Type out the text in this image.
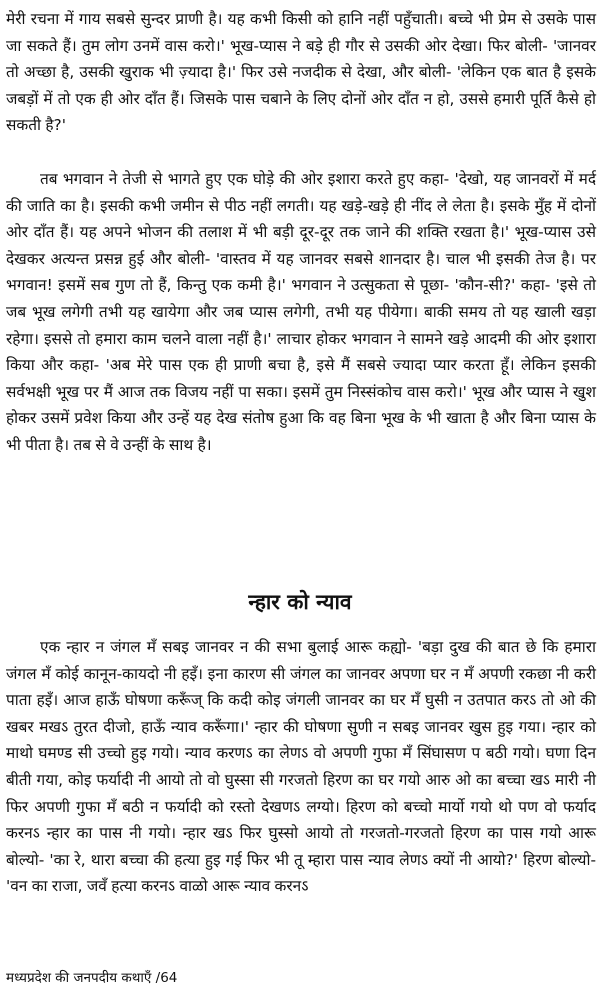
मेरी रचना में गाय सबसे सुन्दर प्राणी है। यह कभी किसी को हानि नहीं पहुँचाती। बच्चे भी प्रेम से उसके पास जा सकते हैं। तुम लोग उनमें वास करो।' भूख-प्यास ने बड़े ही गौर से उसकी ओर देखा। फिर बोली- 'जानवर तो अच्छा है, उसकी खुराक भी ज़्यादा है।' फिर उसे नजदीक से देखा, और बोली- 'लेकिन एक बात है इसके जबड़ों में तो एक ही ओर दाँत हैं। जिसके पास चबाने के लिए दोनों ओर दाँत न हो, उससे हमारी पूर्ति कैसे हो सकती है?'

तब भगवान ने तेजी से भागते हुए एक घोड़े की ओर इशारा करते हुए कहा- 'देखो, यह जानवरों में मर्द की जाति का है। इसकी कभी जमीन से पीठ नहीं लगती। यह खड़े-खड़े ही नींद ले लेता है। इसके मुँह में दोनों ओर दाँत हैं। यह अपने भोजन की तलाश में भी बड़ी दूर-दूर तक जाने की शक्ति रखता है।' भूख-प्यास उसे देखकर अत्यन्त प्रसन्न हुई और बोली- 'वास्तव में यह जानवर सबसे शानदार है। चाल भी इसकी तेज है। पर भगवान! इसमें सब गुण तो हैं, किन्तु एक कमी है।' भगवान ने उत्सुकता से पूछा- 'कौन-सी?' कहा- 'इसे तो जब भूख लगेगी तभी यह खायेगा और जब प्यास लगेगी, तभी यह पीयेगा। बाकी समय तो यह खाली खड़ा रहेगा। इससे तो हमारा काम चलने वाला नहीं है।' लाचार होकर भगवान ने सामने खड़े आदमी की ओर इशारा किया और कहा- 'अब मेरे पास एक ही प्राणी बचा है, इसे मैं सबसे ज्यादा प्यार करता हूँ। लेकिन इसकी सर्वभक्षी भूख पर मैं आज तक विजय नहीं पा सका। इसमें तुम निस्संकोच वास करो।' भूख और प्यास ने खुश होकर उसमें प्रवेश किया और उन्हें यह देख संतोष हुआ कि वह बिना भूख के भी खाता है और बिना प्यास के भी पीता है। तब से वे उन्हीं के साथ है।

न्हार को न्याव

एक न्हार न जंगल मँ सबइ जानवर न की सभा बुलाई आरू कह्यो- 'बड़ा दुख की बात छे कि हमारा जंगल मँ कोई कानून-कायदो नी हइँ। इना कारण सी जंगल का जानवर अपणा घर न मँ अपणी रकछा नी करी पाता हइँ। आज हाऊँ घोषणा करूँज् कि कदी कोइ जंगली जानवर का घर मँ घुसी न उतपात करऽ तो ओ की खबर मखऽ तुरत दीजो, हाऊँ न्याव करूँगा।' न्हार की घोषणा सुणी न सबइ जानवर खुस हुइ गया। न्हार को माथो घमण्ड सी उच्चो हुइ गयो। न्याव करणऽ का लेणऽ वो अपणी गुफा मँ सिंघासण प बठी गयो। घणा दिन बीती गया, कोइ फर्यादी नी आयो तो वो घुस्सा सी गरजतो हिरण का घर गयो आरु ओ का बच्चा खऽ मारी नी फिर अपणी गुफा मँ बठी न फर्यादी को रस्तो देखणऽ लग्यो। हिरण को बच्चो मार्यो गयो थो पण वो फर्याद करनऽ न्हार का पास नी गयो। न्हार खऽ फिर घुस्सो आयो तो गरजतो-गरजतो हिरण का पास गयो आरू बोल्यो- 'का रे, थारा बच्चा की हत्या हुइ गई फिर भी तू म्हारा पास न्याव लेणऽ क्यों नी आयो?' हिरण बोल्यो- 'वन का राजा, जवँ हत्या करनऽ वाळो आरू न्याव करनऽ

मध्यप्रदेश की जनपदीय कथाएँ /64
